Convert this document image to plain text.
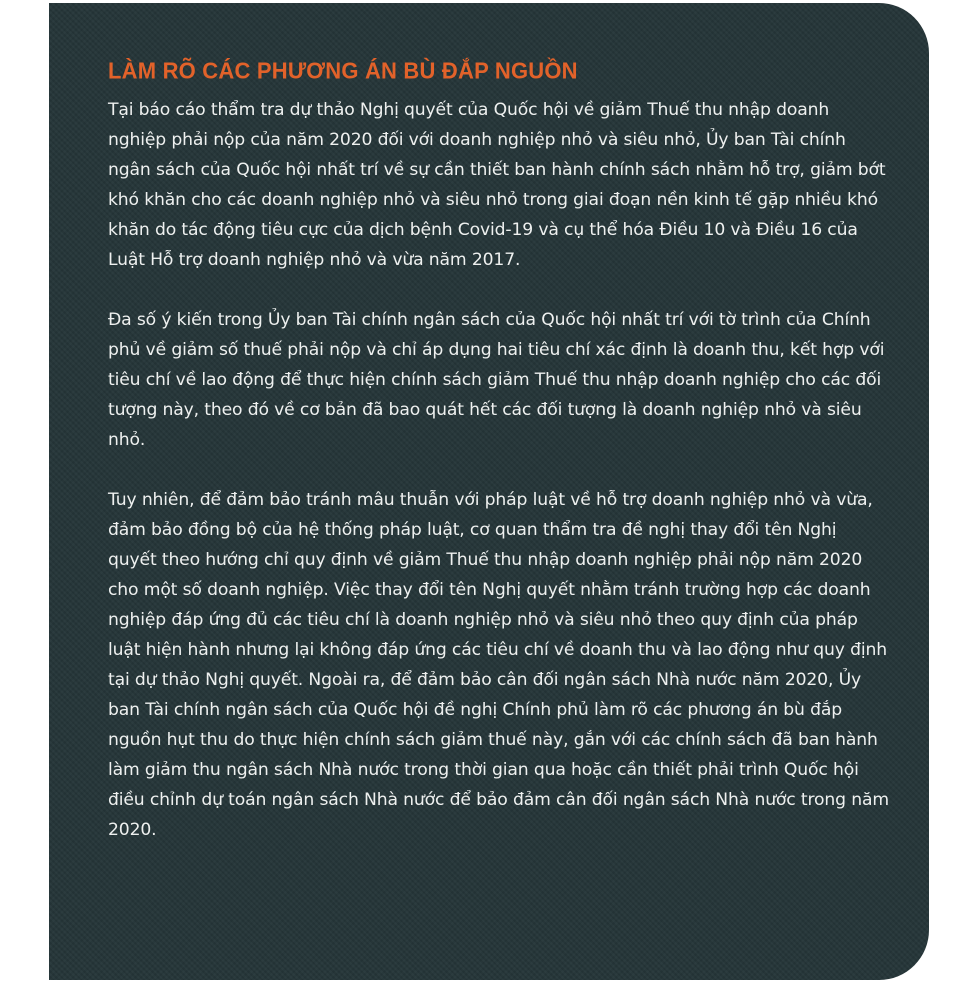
LÀM RÕ CÁC PHƯƠNG ÁN BÙ ĐẮP NGUỒN

Tại báo cáo thẩm tra dự thảo Nghị quyết của Quốc hội về giảm Thuế thu nhập doanh nghiệp phải nộp của năm 2020 đối với doanh nghiệp nhỏ và siêu nhỏ, Ủy ban Tài chính ngân sách của Quốc hội nhất trí về sự cần thiết ban hành chính sách nhằm hỗ trợ, giảm bớt khó khăn cho các doanh nghiệp nhỏ và siêu nhỏ trong giai đoạn nền kinh tế gặp nhiều khó khăn do tác động tiêu cực của dịch bệnh Covid-19 và cụ thể hóa Điều 10 và Điều 16 của Luật Hỗ trợ doanh nghiệp nhỏ và vừa năm 2017.

Đa số ý kiến trong Ủy ban Tài chính ngân sách của Quốc hội nhất trí với tờ trình của Chính phủ về giảm số thuế phải nộp và chỉ áp dụng hai tiêu chí xác định là doanh thu, kết hợp với tiêu chí về lao động để thực hiện chính sách giảm Thuế thu nhập doanh nghiệp cho các đối tượng này, theo đó về cơ bản đã bao quát hết các đối tượng là doanh nghiệp nhỏ và siêu nhỏ.

Tuy nhiên, để đảm bảo tránh mâu thuẫn với pháp luật về hỗ trợ doanh nghiệp nhỏ và vừa, đảm bảo đồng bộ của hệ thống pháp luật, cơ quan thẩm tra đề nghị thay đổi tên Nghị quyết theo hướng chỉ quy định về giảm Thuế thu nhập doanh nghiệp phải nộp năm 2020 cho một số doanh nghiệp. Việc thay đổi tên Nghị quyết nhằm tránh trường hợp các doanh nghiệp đáp ứng đủ các tiêu chí là doanh nghiệp nhỏ và siêu nhỏ theo quy định của pháp luật hiện hành nhưng lại không đáp ứng các tiêu chí về doanh thu và lao động như quy định tại dự thảo Nghị quyết. Ngoài ra, để đảm bảo cân đối ngân sách Nhà nước năm 2020, Ủy ban Tài chính ngân sách của Quốc hội đề nghị Chính phủ làm rõ các phương án bù đắp nguồn hụt thu do thực hiện chính sách giảm thuế này, gắn với các chính sách đã ban hành làm giảm thu ngân sách Nhà nước trong thời gian qua hoặc cần thiết phải trình Quốc hội điều chỉnh dự toán ngân sách Nhà nước để bảo đảm cân đối ngân sách Nhà nước trong năm 2020.
